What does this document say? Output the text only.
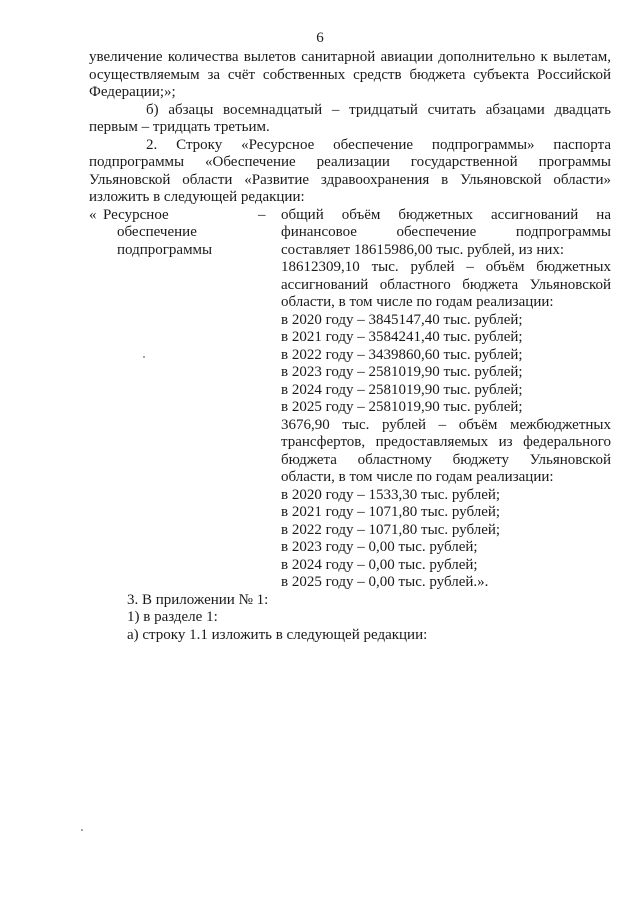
6

увеличение количества вылетов санитарной авиации дополнительно к вылетам, осуществляемым за счёт собственных средств бюджета субъекта Российской Федерации;»;

б) абзацы восемнадцатый – тридцатый считать абзацами двадцать первым – тридцать третьим.

2. Строку «Ресурсное обеспечение подпрограммы» паспорта подпрограммы «Обеспечение реализации государственной программы Ульяновской области «Развитие здравоохранения в Ульяновской области» изложить в следующей редакции:

« Ресурсное
обеспечение
подпрограммы
–	общий объём бюджетных ассигнований на финансовое обеспечение подпрограммы составляет 18615986,00 тыс. рублей, из них:

18612309,10 тыс. рублей – объём бюджетных ассигнований областного бюджета Ульяновской области, в том числе по годам реализации:

в 2020 году – 3845147,40 тыс. рублей;
в 2021 году – 3584241,40 тыс. рублей;
в 2022 году – 3439860,60 тыс. рублей;
в 2023 году – 2581019,90 тыс. рублей;
в 2024 году – 2581019,90 тыс. рублей;
в 2025 году – 2581019,90 тыс. рублей;

3676,90 тыс. рублей – объём межбюджетных трансфертов, предоставляемых из федерального бюджета областному бюджету Ульяновской области, в том числе по годам реализации:

в 2020 году – 1533,30 тыс. рублей;
в 2021 году – 1071,80 тыс. рублей;
в 2022 году – 1071,80 тыс. рублей;
в 2023 году – 0,00 тыс. рублей;
в 2024 году – 0,00 тыс. рублей;
в 2025 году – 0,00 тыс. рублей.».

3. В приложении № 1:

1) в разделе 1:

а) строку 1.1 изложить в следующей редакции:
